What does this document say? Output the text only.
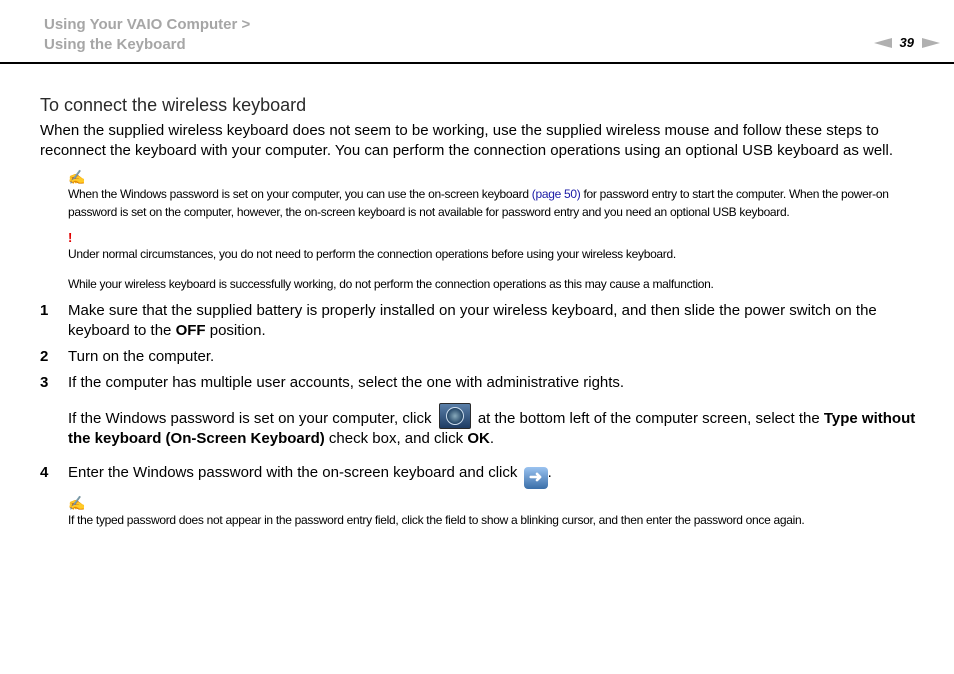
Using Your VAIO Computer >
Using the Keyboard	39
To connect the wireless keyboard

When the supplied wireless keyboard does not seem to be working, use the supplied wireless mouse and follow these steps to reconnect the keyboard with your computer. You can perform the connection operations using an optional USB keyboard as well.

✍
When the Windows password is set on your computer, you can use the on-screen keyboard (page 50) for password entry to start the computer. When the power-on password is set on the computer, however, the on-screen keyboard is not available for password entry and you need an optional USB keyboard.
!
Under normal circumstances, you do not need to perform the connection operations before using your wireless keyboard.
While your wireless keyboard is successfully working, do not perform the connection operations as this may cause a malfunction.
1 Make sure that the supplied battery is properly installed on your wireless keyboard, and then slide the power switch on the keyboard to the OFF position.
2 Turn on the computer.
3 If the computer has multiple user accounts, select the one with administrative rights.
If the Windows password is set on your computer, click	at the bottom left of the computer screen, select the Type without the keyboard (On-Screen Keyboard) check box, and click OK.
4 Enter the Windows password with the on-screen keyboard and click ➜ .
✍
If the typed password does not appear in the password entry field, click the field to show a blinking cursor, and then enter the password once again.
